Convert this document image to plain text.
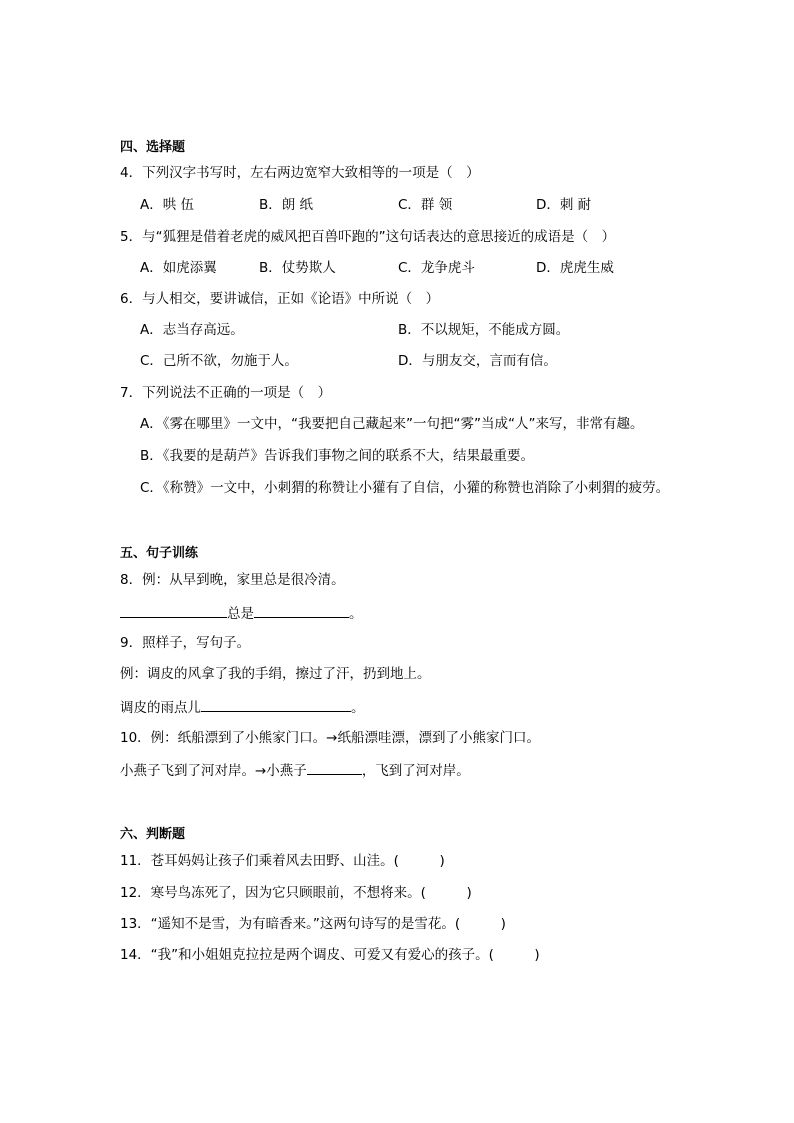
四、选择题
4．下列汉字书写时，左右两边宽窄大致相等的一项是（　）
A．哄 伍	B．朗 纸	C．群 领	D．刺 耐
5．与“狐狸是借着老虎的威风把百兽吓跑的”这句话表达的意思接近的成语是（　）
A．如虎添翼	B．仗势欺人	C．龙争虎斗	D．虎虎生威
6．与人相交，要讲诚信，正如《论语》中所说（　）
A．志当存高远。	B．不以规矩，不能成方圆。
C．己所不欲，勿施于人。	D．与朋友交，言而有信。
7．下列说法不正确的一项是（　）
A．《雾在哪里》一文中，“我要把自己藏起来”一句把“雾”当成“人”来写，非常有趣。
B．《我要的是葫芦》告诉我们事物之间的联系不大，结果最重要。
C．《称赞》一文中，小刺猬的称赞让小獾有了自信，小獾的称赞也消除了小刺猬的疲劳。
五、句子训练
8．例：从早到晚，家里总是很冷清。
总是	。
9．照样子，写句子。
例：调皮的风拿了我的手绢，擦过了汗，扔到地上。
调皮的雨点儿	。
10．例：纸船漂到了小熊家门口。→纸船漂哇漂，漂到了小熊家门口。
小燕子飞到了河对岸。→小燕子	，飞到了河对岸。
六、判断题
11．苍耳妈妈让孩子们乘着风去田野、山洼。(　　　)
12．寒号鸟冻死了，因为它只顾眼前，不想将来。(　　　)
13．“遥知不是雪，为有暗香来。”这两句诗写的是雪花。(　　　)
14．“我”和小姐姐克拉拉是两个调皮、可爱又有爱心的孩子。(　　　)
